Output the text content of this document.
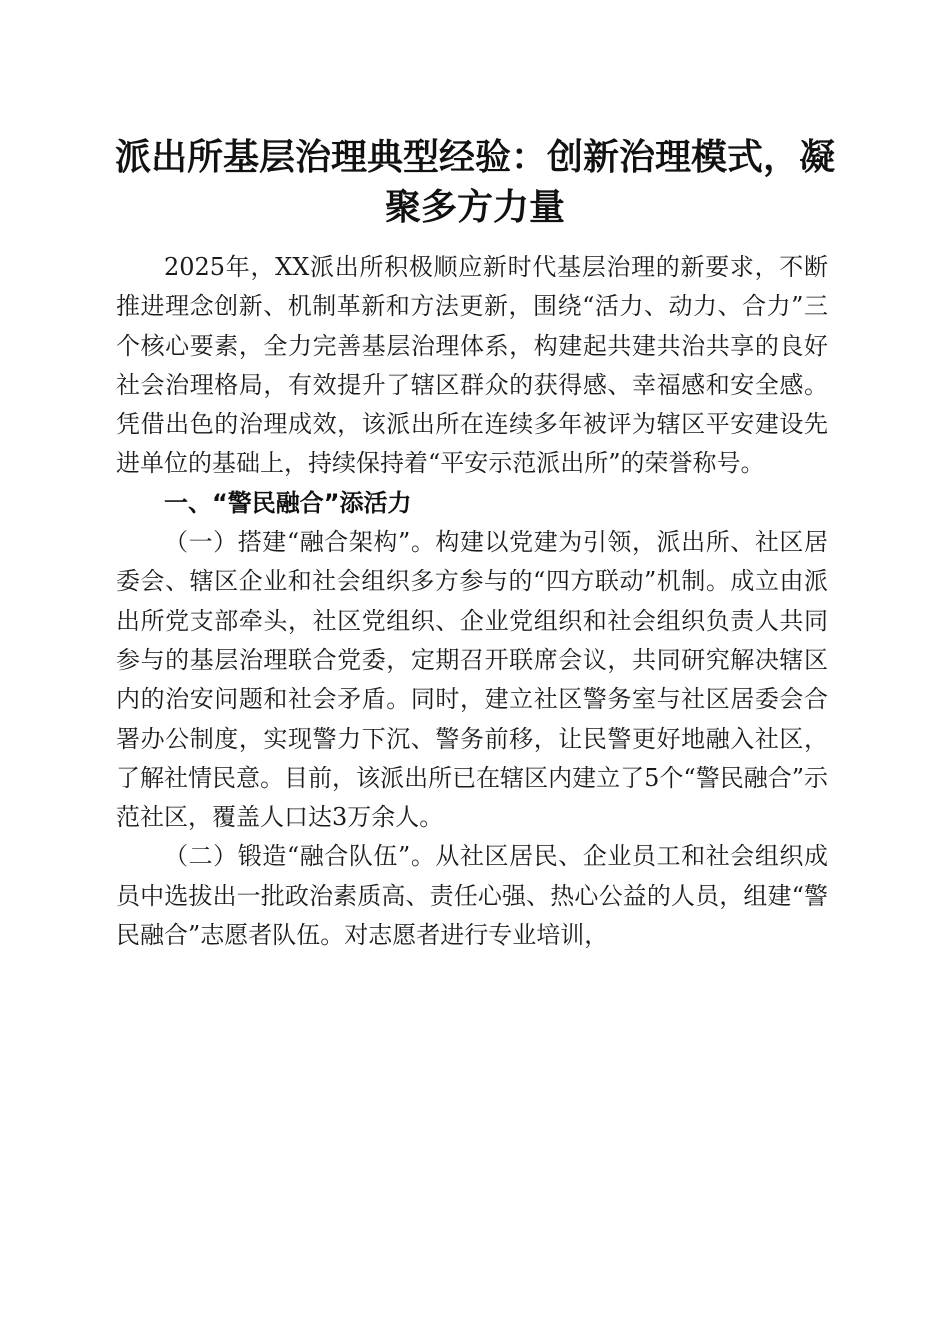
派出所基层治理典型经验：创新治理模式，凝聚多方力量

2025年，XX派出所积极顺应新时代基层治理的新要求，不断推进理念创新、机制革新和方法更新，围绕“活力、动力、合力”三个核心要素，全力完善基层治理体系，构建起共建共治共享的良好社会治理格局，有效提升了辖区群众的获得感、幸福感和安全感。凭借出色的治理成效，该派出所在连续多年被评为辖区平安建设先进单位的基础上，持续保持着“平安示范派出所”的荣誉称号。

一、“警民融合”添活力

（一）搭建“融合架构”。构建以党建为引领，派出所、社区居委会、辖区企业和社会组织多方参与的“四方联动”机制。成立由派出所党支部牵头，社区党组织、企业党组织和社会组织负责人共同参与的基层治理联合党委，定期召开联席会议，共同研究解决辖区内的治安问题和社会矛盾。同时，建立社区警务室与社区居委会合署办公制度，实现警力下沉、警务前移，让民警更好地融入社区，了解社情民意。目前，该派出所已在辖区内建立了5个“警民融合”示范社区，覆盖人口达3万余人。

（二）锻造“融合队伍”。从社区居民、企业员工和社会组织成员中选拔出一批政治素质高、责任心强、热心公益的人员，组建“警民融合”志愿者队伍。对志愿者进行专业培训，
